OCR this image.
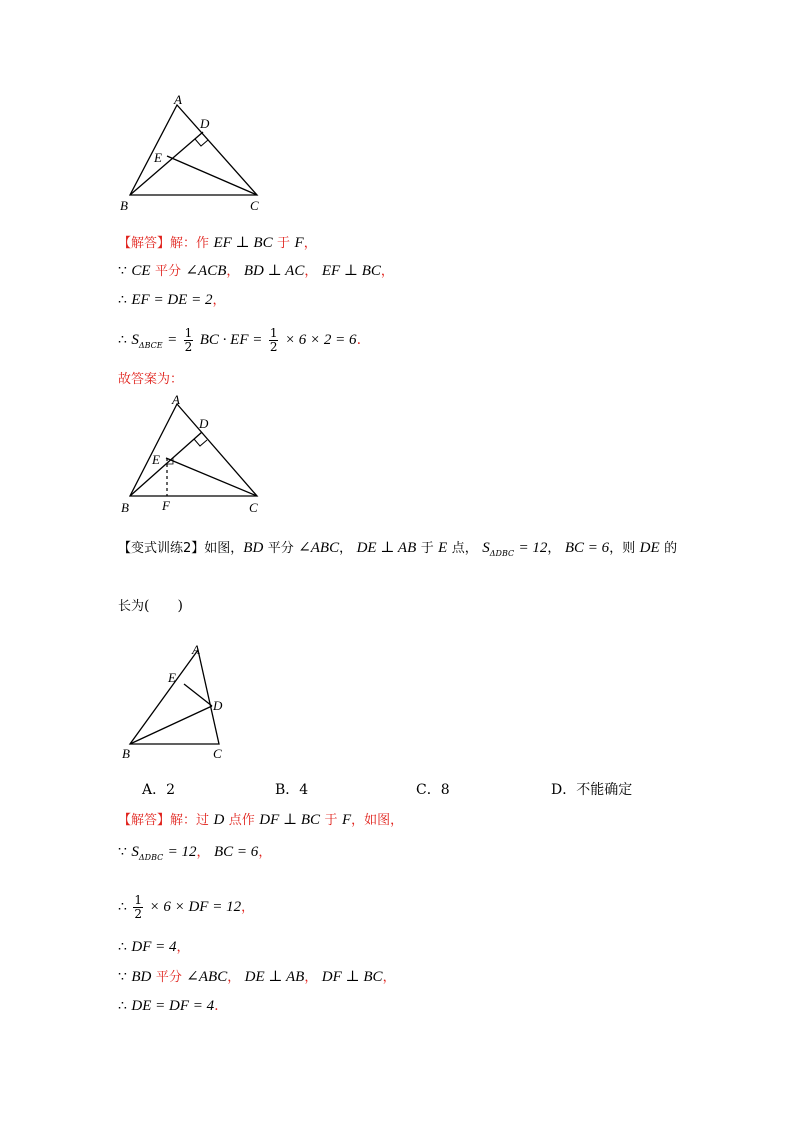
A
D
E
B	C
【解答】解：作 EF ⊥ BC 于 F，
∵ CE 平分 ∠ACB， BD ⊥ AC， EF ⊥ BC，
∴ EF = DE = 2，
∴ $S_{\Delta BCE} = \frac{1}{2}$ BC · EF = $\frac{1}{2} \times 6 \times 2 = 6$.
故答案为：
A
D
E
B	F	C
【变式训练2】如图，BD 平分 ∠ABC， DE ⊥ AB 于 E 点， $S_{\Delta DBC} = 12$， BC = 6，则 DE 的
长为(　　)
A
E
D
B	C
A．2	B．4	C．8	D．不能确定
【解答】解：过 D 点作 DF ⊥ BC 于 F，如图，
∵ $S_{\Delta DBC} = 12$， BC = 6，
∴ $\frac{1}{2} \times 6$ × DF = 12，
∴ DF = 4，
∵ BD 平分 ∠ABC， DE ⊥ AB， DF ⊥ BC，
∴ DE = DF = 4.
